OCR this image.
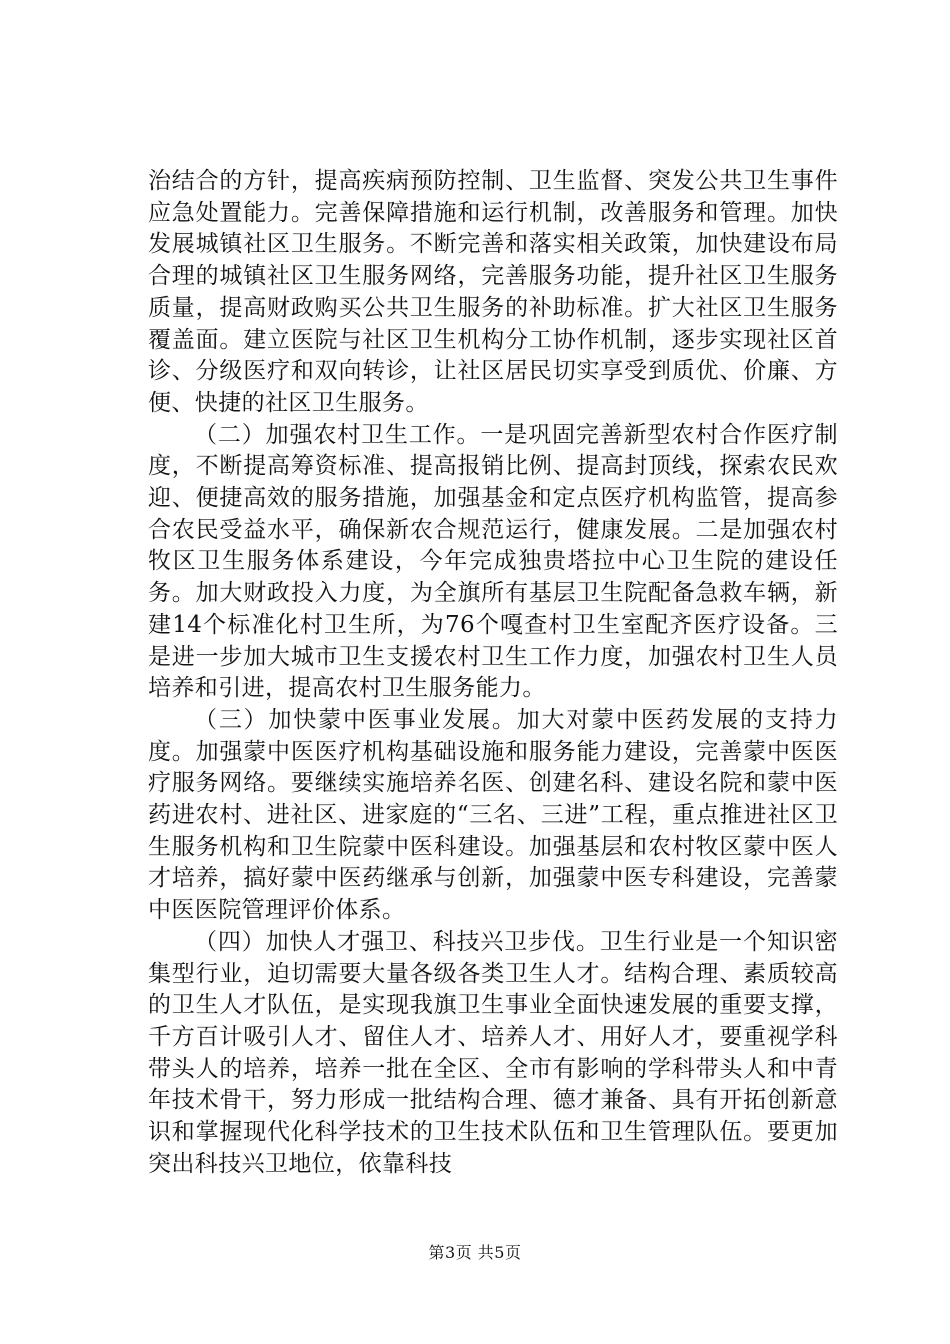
治结合的方针，提高疾病预防控制、卫生监督、突发公共卫生事件应急处置能力。完善保障措施和运行机制，改善服务和管理。加快发展城镇社区卫生服务。不断完善和落实相关政策，加快建设布局合理的城镇社区卫生服务网络，完善服务功能，提升社区卫生服务质量，提高财政购买公共卫生服务的补助标准。扩大社区卫生服务覆盖面。建立医院与社区卫生机构分工协作机制，逐步实现社区首诊、分级医疗和双向转诊，让社区居民切实享受到质优、价廉、方便、快捷的社区卫生服务。

（二）加强农村卫生工作。一是巩固完善新型农村合作医疗制度，不断提高筹资标准、提高报销比例、提高封顶线，探索农民欢迎、便捷高效的服务措施，加强基金和定点医疗机构监管，提高参合农民受益水平，确保新农合规范运行，健康发展。二是加强农村牧区卫生服务体系建设，今年完成独贵塔拉中心卫生院的建设任务。加大财政投入力度，为全旗所有基层卫生院配备急救车辆，新建14个标准化村卫生所，为76个嘎查村卫生室配齐医疗设备。三是进一步加大城市卫生支援农村卫生工作力度，加强农村卫生人员培养和引进，提高农村卫生服务能力。

（三）加快蒙中医事业发展。加大对蒙中医药发展的支持力度。加强蒙中医医疗机构基础设施和服务能力建设，完善蒙中医医疗服务网络。要继续实施培养名医、创建名科、建设名院和蒙中医药进农村、进社区、进家庭的“三名、三进”工程，重点推进社区卫生服务机构和卫生院蒙中医科建设。加强基层和农村牧区蒙中医人才培养，搞好蒙中医药继承与创新，加强蒙中医专科建设，完善蒙中医医院管理评价体系。

（四）加快人才强卫、科技兴卫步伐。卫生行业是一个知识密集型行业，迫切需要大量各级各类卫生人才。结构合理、素质较高的卫生人才队伍，是实现我旗卫生事业全面快速发展的重要支撑，千方百计吸引人才、留住人才、培养人才、用好人才，要重视学科带头人的培养，培养一批在全区、全市有影响的学科带头人和中青年技术骨干，努力形成一批结构合理、德才兼备、具有开拓创新意识和掌握现代化科学技术的卫生技术队伍和卫生管理队伍。要更加突出科技兴卫地位，依靠科技

第3页 共5页
